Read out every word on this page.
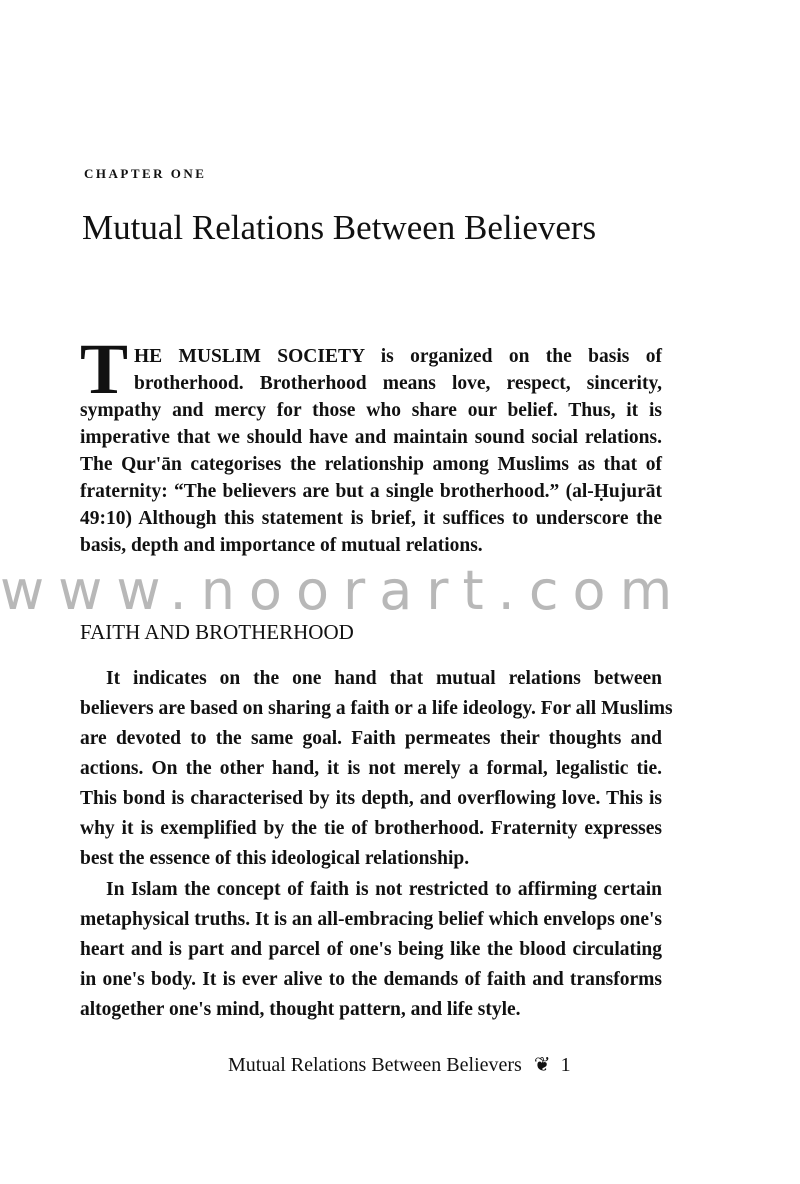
CHAPTER ONE
Mutual Relations Between Believers
T HE MUSLIM SOCIETY is organized on the basis of
brotherhood. Brotherhood means love, respect, sincerity,
sympathy and mercy for those who share our belief. Thus, it is
imperative that we should have and maintain sound social relations.
The Qur'ān categorises the relationship among Muslims as that of
fraternity: “The believers are but a single brotherhood.” (al-Ḥujurāt
49:10) Although this statement is brief, it suffices to underscore the
basis, depth and importance of mutual relations.
www.noorart.com
FAITH AND BROTHERHOOD
It indicates on the one hand that mutual relations between
believers are based on sharing a faith or a life ideology. For all Muslims
are devoted to the same goal. Faith permeates their thoughts and
actions. On the other hand, it is not merely a formal, legalistic tie.
This bond is characterised by its depth, and overflowing love. This is
why it is exemplified by the tie of brotherhood. Fraternity expresses
best the essence of this ideological relationship.
In Islam the concept of faith is not restricted to affirming certain
metaphysical truths. It is an all-embracing belief which envelops one's
heart and is part and parcel of one's being like the blood circulating
in one's body. It is ever alive to the demands of faith and transforms
altogether one's mind, thought pattern, and life style.
Mutual Relations Between Believers ❦ 1
